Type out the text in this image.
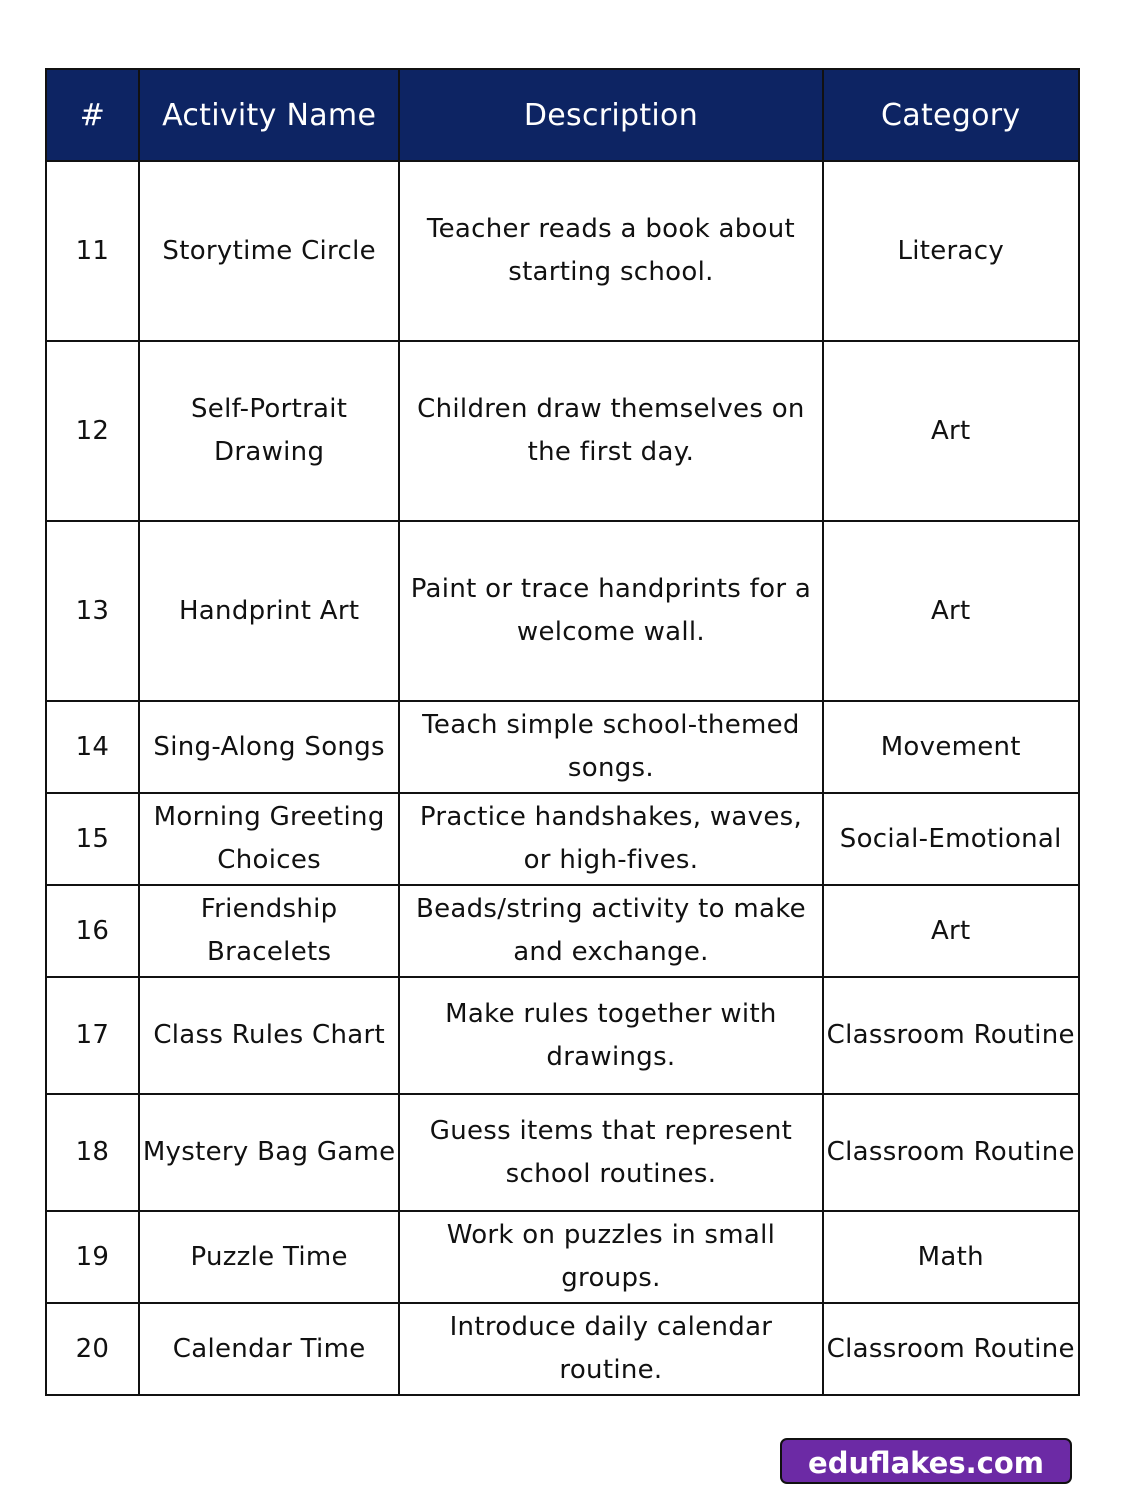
#	Activity Name	Description	Category
11	Storytime Circle	Teacher reads a book about starting school.	Literacy
12	Self-Portrait Drawing	Children draw themselves on the first day.	Art
13	Handprint Art	Paint or trace handprints for a welcome wall.	Art
14	Sing-Along Songs	Teach simple school-themed songs.	Movement
15	Morning Greeting Choices	Practice handshakes, waves, or high-fives.	Social-Emotional
16	Friendship Bracelets	Beads/string activity to make and exchange.	Art
17	Class Rules Chart	Make rules together with drawings.	Classroom Routine
18	Mystery Bag Game	Guess items that represent school routines.	Classroom Routine
19	Puzzle Time	Work on puzzles in small groups.	Math
20	Calendar Time	Introduce daily calendar routine.	Classroom Routine
eduflakes.com
